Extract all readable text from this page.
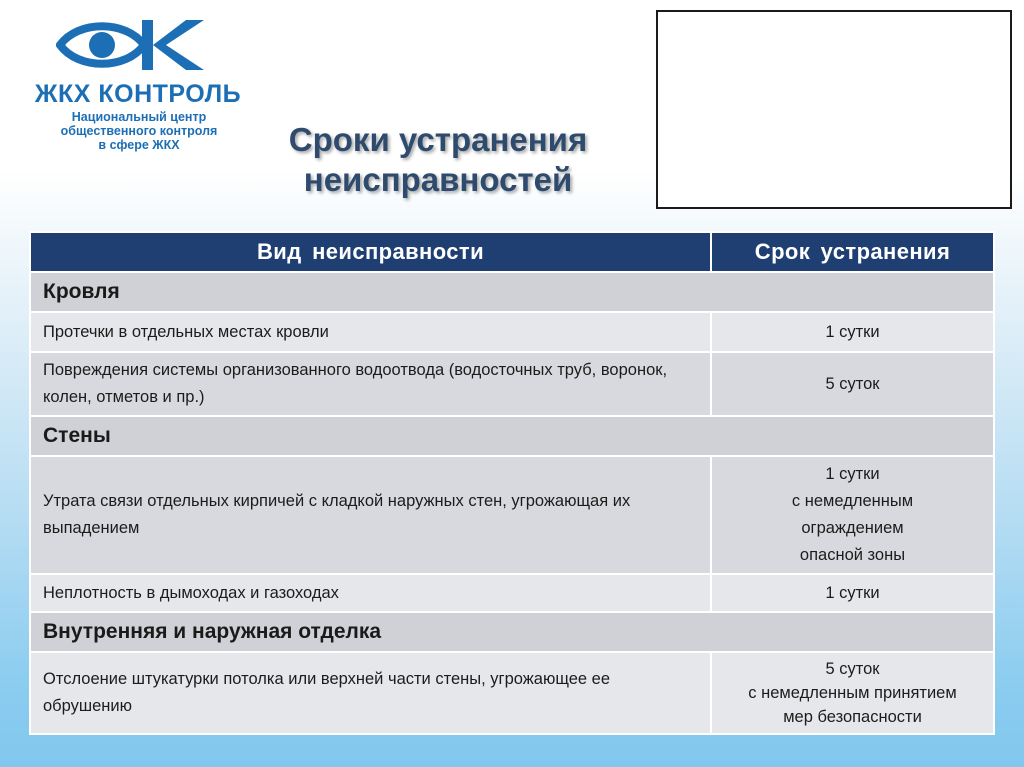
ЖКХ КОНТРОЛЬ
Национальный центр
общественного контроля
в сфере ЖКХ	Сроки устранения
неисправностей
Вид неисправности	Срок устранения
Кровля	
Протечки в отдельных местах кровли	1 сутки

Повреждения системы организованного водоотвода (водосточных труб, воронок, колен, отметов и пр.)	5 суток

Стены	
Утрата связи отдельных кирпичей с кладкой наружных стен, угрожающая их выпадением	1 сутки
с немедленным
ограждением
опасной зоны

Неплотность в дымоходах и газоходах	1 сутки

Внутренняя и наружная отделка	
Отслоение штукатурки потолка или верхней части стены, угрожающее ее обрушению	5 суток
с немедленным принятием
мер безопасности
